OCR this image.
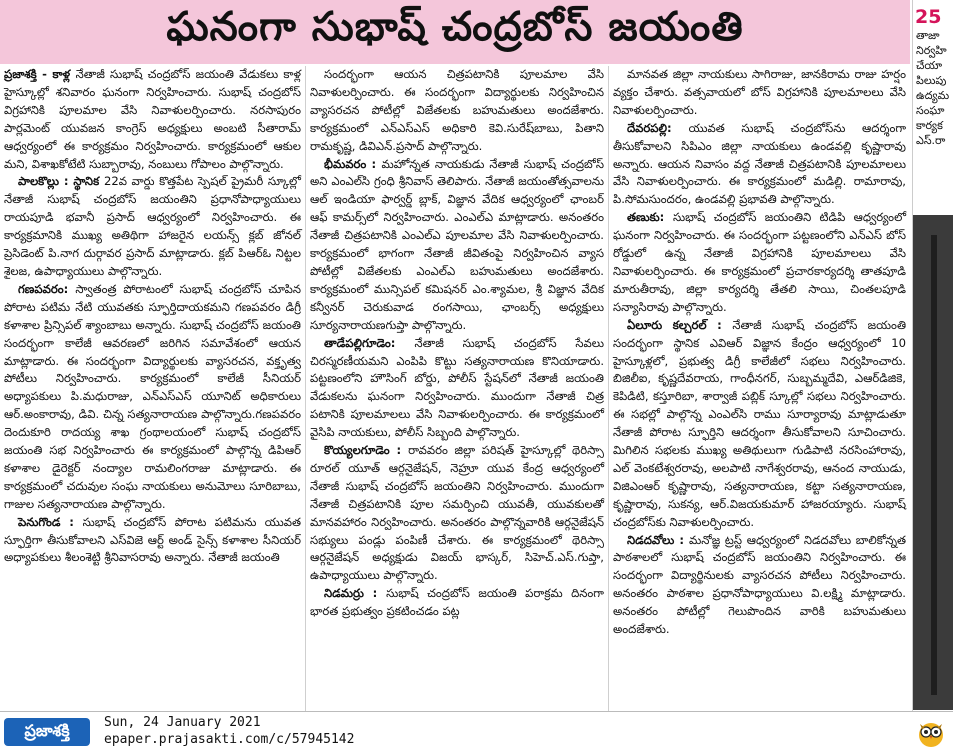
ఘనంగా సుభాష్ చంద్రబోస్ జయంతి

ప్రజాశక్తి - కాళ్ల నేతాజీ సుభాష్ చంద్రబోస్ జయంతి వేడుకలు కాళ్ల హైస్కూల్లో శనివారం ఘనంగా నిర్వహించారు. సుభాష్ చంద్రబోస్ విగ్రహానికి పూలమాల వేసి నివాళులర్పించారు. నరసాపురం పార్లమెంట్ యువజన కాంగ్రెస్ అధ్యక్షులు అంబటి సీతారామ్ ఆధ్వర్యంలో ఈ కార్యక్రమం నిర్వహించారు. కార్యక్రమంలో ఆకుల మని, విశాఖకోటేటి సుబ్బారావు, నంబులు గోపాలం పాల్గొన్నారు.

పాలకొల్లు : స్థానిక 22వ వార్డు కొత్తపేట స్పెషల్ ప్రైమరీ స్కూల్లో నేతాజీ సుభాష్ చంద్రబోస్ జయంతిని ప్రధానోపాధ్యాయులు రాయపూడి భవానీ ప్రసాద్ ఆధ్వర్యంలో నిర్వహించారు. ఈ కార్యక్రమానికి ముఖ్య అతిథిగా హాజరైన లయన్స్ క్లబ్ జోనల్ ప్రెసిడెంట్ పి.నాగ దుర్గావర ప్రసాద్ మాట్లాడారు. క్లబ్ పిఆర్ఓ నిట్టల శైలజ, ఉపాధ్యాయులు పాల్గొన్నారు.

గణపవరం: స్వాతంత్ర పోరాటంలో సుభాష్ చంద్రబోస్ చూపిన పోరాట పటిమ నేటి యువతకు స్ఫూర్తిదాయకమని గణపవరం డిగ్రీ కళాశాల ప్రిన్సిపల్ శ్యాంబాబు అన్నారు. సుభాష్ చంద్రబోస్ జయంతి సందర్భంగా కాలేజీ ఆవరణలో జరిగిన సమావేశంలో ఆయన మాట్లాడారు. ఈ సందర్భంగా విద్యార్థులకు వ్యాసరచన, వక్తృత్వ పోటీలు నిర్వహించారు. కార్యక్రమంలో కాలేజీ సీనియర్ అధ్యాపకులు పి.మధురాజు, ఎన్ఎస్ఎస్ యూనిట్ అధికారులు ఆర్.అంకారావు, డివి. చిన్న సత్యనారాయణ పాల్గొన్నారు.గణపవరం దెందుకూరి రాదయ్య శాఖ గ్రంథాలయంలో సుభాష్ చంద్రబోస్ జయంతి సభ నిర్వహించారు ఈ కార్యక్రమంలో పాల్గొన్న డిపిఆర్ కళాశాల డైరెక్టర్ నంద్యాల రామలింగరాజు మాట్లాడారు. ఈ కార్యక్రమంలో చదువుల సంఘ నాయకులు అనుమోలు సూరిబాబు, గాజుల సత్యనారాయణ పాల్గొన్నారు.

పెనుగొండ : సుభాష్ చంద్రబోస్ పోరాట పటిమను యువత స్ఫూర్తిగా తీసుకోవాలని ఎస్‌విజె ఆర్ట్ అండ్ సైన్స్ కళాశాల సీనియర్ అధ్యాపకులు శీలంశెట్టి శ్రీనివాసరావు అన్నారు. నేతాజీ జయంతి

సందర్భంగా ఆయన చిత్రపటానికి పూలమాల వేసి నివాళులర్పించారు. ఈ సందర్భంగా విద్యార్థులకు నిర్వహించిన వ్యాసరచన పోటీల్లో విజేతలకు బహుమతులు అందజేశారు. కార్యక్రమంలో ఎన్ఎస్ఎస్ అధికారి కెవి.సురేష్‌బాబు, పితాని రామకృష్ణ, డివిఎన్.ప్రసాద్ పాల్గొన్నారు.

భీమవరం : మహోన్నత నాయకుడు నేతాజీ సుభాష్ చంద్రబోస్ అని ఎంఎల్‌సి గ్రంధి శ్రీనివాస్ తెలిపారు. నేతాజీ జయంతోత్సవాలను ఆల్ ఇండియా ఫార్వర్డ్ బ్లాక్, విజ్ఞాన వేదిక ఆధ్వర్యంలో ఛాంబర్ ఆఫ్ కామర్స్‌లో నిర్వహించారు. ఎంఎల్‌ఎ మాట్లాడారు. అనంతరం నేతాజీ చిత్రపటానికి ఎంఎల్‌ఎ పూలమాల వేసి నివాళులర్పించారు. కార్యక్రమంలో భాగంగా నేతాజీ జీవితంపై నిర్వహించిన వ్యాస పోటీల్లో విజేతలకు ఎంఎల్‌ఎ బహుమతులు అందజేశారు. కార్యక్రమంలో మున్సిపల్ కమిషనర్ ఎం.శ్యామల, శ్రీ విజ్ఞాన వేదిక కన్వీనర్ చెరుకువాడ రంగసాయి, ఛాంబర్స్ అధ్యక్షులు సూర్యనారాయణగుప్తా పాల్గొన్నారు.

తాడేపల్లిగూడెం: నేతాజీ సుభాష్ చంద్రబోస్ సేవలు చిరస్మరణీయమని ఎంపిపి కొట్టు సత్యనారాయణ కొనియాడారు. పట్టణంలోని హౌసింగ్ బోర్డు, పోలీస్ స్టేషన్‌లో నేతాజీ జయంతి వేడుకలను ఘనంగా నిర్వహించారు. ముందుగా నేతాజీ చిత్ర పటానికి పూలమాలలు వేసి నివాళులర్పించారు. ఈ కార్యక్రమంలో వైసిపి నాయకులు, పోలీస్ సిబ్బంది పాల్గొన్నారు.

కొయ్యలగూడెం : రావవరం జిల్లా పరిషత్ హైస్కూల్లో థెరిస్సా రూరల్ యూత్ ఆర్గనైజేషన్, నెహ్రూ యువ కేంద్ర ఆధ్వర్యంలో నేతాజీ సుభాష్ చంద్రబోస్ జయంతిని నిర్వహించారు. ముందుగా నేతాజీ చిత్రపటానికి పూల సమర్పించి యువతీ, యువకులతో మానవహారం నిర్వహించారు. అనంతరం పాల్గొన్నవారికి ఆర్గనైజేషన్ సభ్యులు పండ్లు పంపిణీ చేశారు. ఈ కార్యక్రమంలో థెరిస్సా ఆర్గనైజేషన్ అధ్యక్షుడు విజయ్ భాస్కర్, సిహెచ్.ఎస్.గుప్తా, ఉపాధ్యాయులు పాల్గొన్నారు.

నిడమర్రు : సుభాష్ చంద్రబోస్ జయంతి పరాక్రమ దినంగా భారత ప్రభుత్వం ప్రకటించడం పట్ల

మానవత జిల్లా నాయకులు సాగిరాజు, జానకిరామ రాజు హర్షం వ్యక్తం చేశారు. వత్సవాయలో బోస్ విగ్రహానికి పూలమాలలు వేసి నివాళులర్పించారు.

దేవరపల్లి: యువత సుభాష్ చంద్రబోస్‌ను ఆదర్శంగా తీసుకోవాలని సిపిఎం జిల్లా నాయకులు ఉండవల్లి కృష్ణారావు అన్నారు. ఆయన నివాసం వద్ద నేతాజీ చిత్రపటానికి పూలమాలలు వేసి నివాళులర్పించారు. ఈ కార్యక్రమంలో మడిల్లి. రామారావు, పి.సోమసుందరం, ఉండవల్లి ప్రభావతి పాల్గొన్నారు.

తణుకు: సుభాష్ చంద్రబోస్ జయంతిని టిడిపి ఆధ్వర్యంలో ఘనంగా నిర్వహించారు. ఈ సందర్భంగా పట్టణంలోని ఎన్ఎస్ బోస్ రోడ్డులో ఉన్న నేతాజీ విగ్రహానికి పూలమాలలు వేసి నివాళులర్పించారు. ఈ కార్యక్రమంలో ప్రచారకార్యదర్శి తాతపూడి మారుతీరావు, జిల్లా కార్యదర్శి తేతలి సాయి, చింతలపూడి సన్యాసిరావు పాల్గొన్నారు.

ఏలూరు కల్చరల్ : నేతాజీ సుభాష్ చంద్రబోస్ జయంతి సందర్భంగా స్థానిక ఎవిఆర్ విజ్ఞాన కేంద్రం ఆధ్వర్యంలో 10 హైస్కూళ్లలో, ప్రభుత్వ డిగ్రీ కాలేజీలో సభలు నిర్వహించారు. బిజిలీఐ, కృష్ణదేవరాయ, గాంధీనగర్, సుబ్బమ్మదేవి, ఎఆర్‌డిజికె, కెపిడిటి, కస్తూరిబా, శార్వాజీ పబ్లిక్ స్కూల్లో సభలు నిర్వహించారు. ఈ సభల్లో పాల్గొన్న ఎంఎల్‌సి రాము సూర్యారావు మాట్లాడుతూ నేతాజీ పోరాట స్ఫూర్తిని ఆదర్శంగా తీసుకోవాలని సూచించారు. మిగిలిన సభలకు ముఖ్య అతిథులుగా గుడిపాటి నరసింహారావు, ఎల్ వెంకటేశ్వరరావు, అలపాటి నాగేశ్వరరావు, ఆనంద నాయుడు, విజిఎంఆర్ కృష్ణారావు, సత్యనారాయణ, కట్టా సత్యనారాయణ, కృష్ణారావు, సుకన్య, ఆర్.విజయకుమార్ హాజరయ్యారు. సుభాష్ చంద్రబోస్‌కు నివాళులర్పించారు.

నిడదవోలు : మనోజ్ఞ ట్రస్ట్ ఆధ్వర్యంలో నిడదవోలు బాలికోన్నత పాఠశాలలో సుభాష్ చంద్రబోస్ జయంతిని నిర్వహించారు. ఈ సందర్భంగా విద్యార్థినులకు వ్యాసరచన పోటీలు నిర్వహించారు. అనంతరం పాఠశాల ప్రధానోపాధ్యాయులు వి.లక్ష్మి మాట్లాడారు. అనంతరం పోటీల్లో గెలుపొందిన వారికి బహుమతులు అందజేశారు.

25
తాజా
నిర్వహి
చేయా
పిలుపు
ఉద్యమ
సంఘా
కార్యక
ఎస్.రా
ప్రజాశక్తి	Sun, 24 January 2021
epaper.prajasakti.com/c/57945142
